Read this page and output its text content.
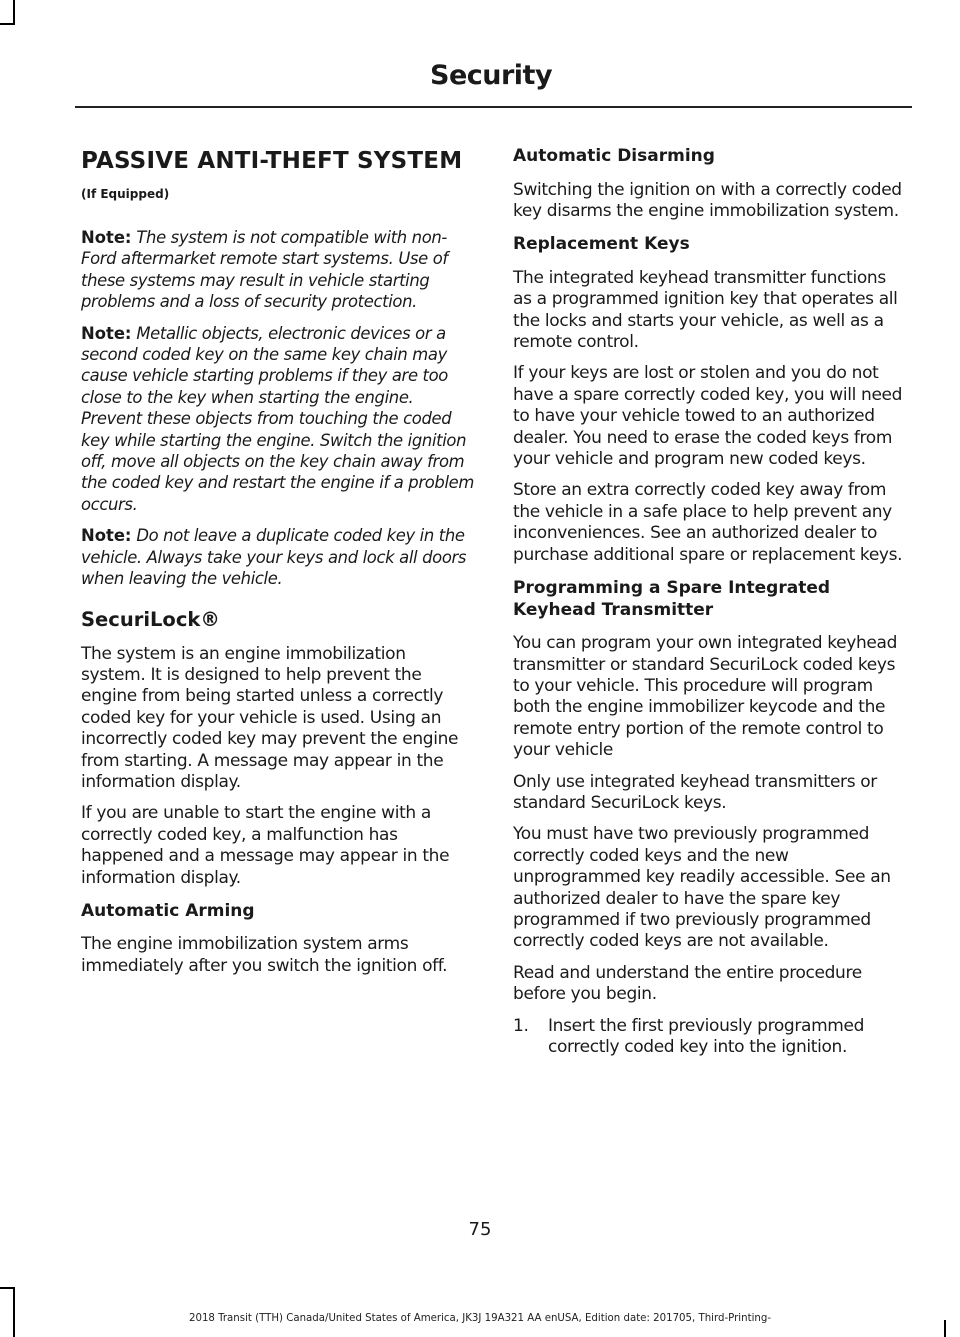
Security
PASSIVE ANTI-THEFT SYSTEM (If Equipped)

Note: The system is not compatible with non-Ford aftermarket remote start systems. Use of these systems may result in vehicle starting problems and a loss of security protection.

Note: Metallic objects, electronic devices or a second coded key on the same key chain may cause vehicle starting problems if they are too close to the key when starting the engine. Prevent these objects from touching the coded key while starting the engine. Switch the ignition off, move all objects on the key chain away from the coded key and restart the engine if a problem occurs.

Note: Do not leave a duplicate coded key in the vehicle. Always take your keys and lock all doors when leaving the vehicle.

SecuriLock®

The system is an engine immobilization system. It is designed to help prevent the engine from being started unless a correctly coded key for your vehicle is used. Using an incorrectly coded key may prevent the engine from starting. A message may appear in the information display.

If you are unable to start the engine with a correctly coded key, a malfunction has happened and a message may appear in the information display.

Automatic Arming

The engine immobilization system arms immediately after you switch the ignition off.

Automatic Disarming

Switching the ignition on with a correctly coded key disarms the engine immobilization system.

Replacement Keys

The integrated keyhead transmitter functions as a programmed ignition key that operates all the locks and starts your vehicle, as well as a remote control.

If your keys are lost or stolen and you do not have a spare correctly coded key, you will need to have your vehicle towed to an authorized dealer. You need to erase the coded keys from your vehicle and program new coded keys.

Store an extra correctly coded key away from the vehicle in a safe place to help prevent any inconveniences. See an authorized dealer to purchase additional spare or replacement keys.

Programming a Spare Integrated Keyhead Transmitter

You can program your own integrated keyhead transmitter or standard SecuriLock coded keys to your vehicle. This procedure will program both the engine immobilizer keycode and the remote entry portion of the remote control to your vehicle

Only use integrated keyhead transmitters or standard SecuriLock keys.

You must have two previously programmed correctly coded keys and the new unprogrammed key readily accessible. See an authorized dealer to have the spare key programmed if two previously programmed correctly coded keys are not available.

Read and understand the entire procedure before you begin.

1.	Insert the first previously programmed correctly coded key into the ignition.

75
2018 Transit (TTH) Canada/United States of America, JK3J 19A321 AA enUSA, Edition date: 201705, Third-Printing-
